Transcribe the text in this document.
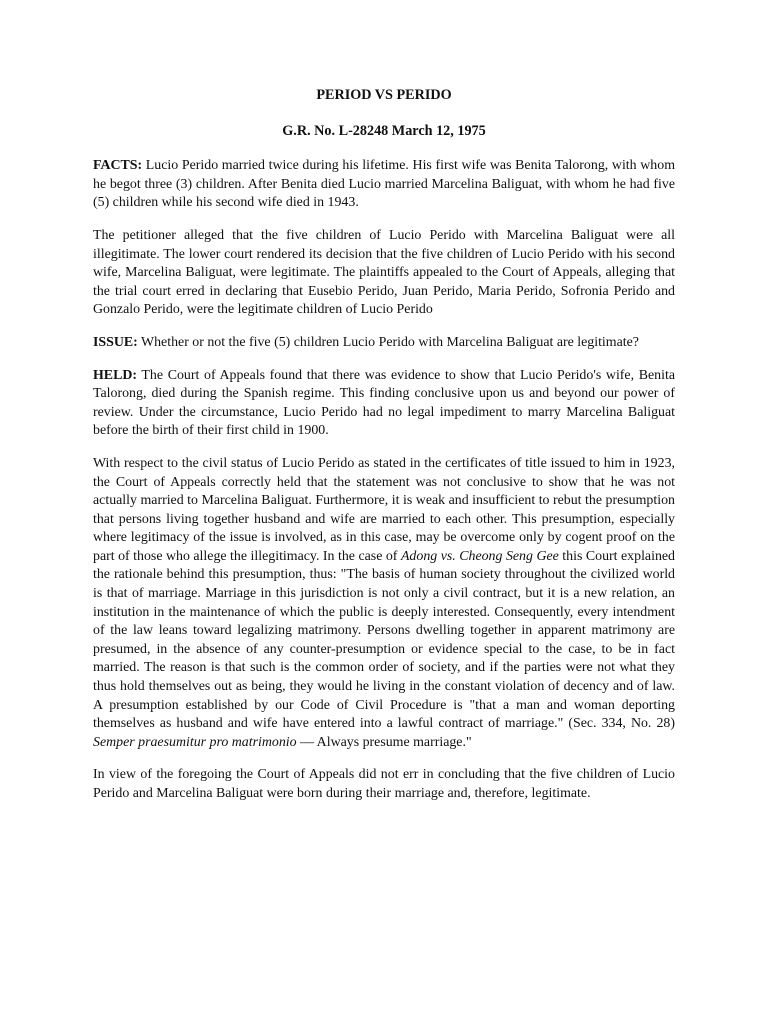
PERIOD VS PERIDO
G.R. No. L-28248 March 12, 1975

FACTS: Lucio Perido married twice during his lifetime. His first wife was Benita Talorong, with whom he begot three (3) children. After Benita died Lucio married Marcelina Baliguat, with whom he had five (5) children while his second wife died in 1943.

The petitioner alleged that the five children of Lucio Perido with Marcelina Baliguat were all illegitimate. The lower court rendered its decision that the five children of Lucio Perido with his second wife, Marcelina Baliguat, were legitimate. The plaintiffs appealed to the Court of Appeals, alleging that the trial court erred in declaring that Eusebio Perido, Juan Perido, Maria Perido, Sofronia Perido and Gonzalo Perido, were the legitimate children of Lucio Perido

ISSUE: Whether or not the five (5) children Lucio Perido with Marcelina Baliguat are legitimate?

HELD: The Court of Appeals found that there was evidence to show that Lucio Perido's wife, Benita Talorong, died during the Spanish regime. This finding conclusive upon us and beyond our power of review. Under the circumstance, Lucio Perido had no legal impediment to marry Marcelina Baliguat before the birth of their first child in 1900.

With respect to the civil status of Lucio Perido as stated in the certificates of title issued to him in 1923, the Court of Appeals correctly held that the statement was not conclusive to show that he was not actually married to Marcelina Baliguat. Furthermore, it is weak and insufficient to rebut the presumption that persons living together husband and wife are married to each other. This presumption, especially where legitimacy of the issue is involved, as in this case, may be overcome only by cogent proof on the part of those who allege the illegitimacy. In the case of Adong vs. Cheong Seng Gee this Court explained the rationale behind this presumption, thus: "The basis of human society throughout the civilized world is that of marriage. Marriage in this jurisdiction is not only a civil contract, but it is a new relation, an institution in the maintenance of which the public is deeply interested. Consequently, every intendment of the law leans toward legalizing matrimony. Persons dwelling together in apparent matrimony are presumed, in the absence of any counter-presumption or evidence special to the case, to be in fact married. The reason is that such is the common order of society, and if the parties were not what they thus hold themselves out as being, they would he living in the constant violation of decency and of law. A presumption established by our Code of Civil Procedure is "that a man and woman deporting themselves as husband and wife have entered into a lawful contract of marriage." (Sec. 334, No. 28) Semper praesumitur pro matrimonio — Always presume marriage."

In view of the foregoing the Court of Appeals did not err in concluding that the five children of Lucio Perido and Marcelina Baliguat were born during their marriage and, therefore, legitimate.
